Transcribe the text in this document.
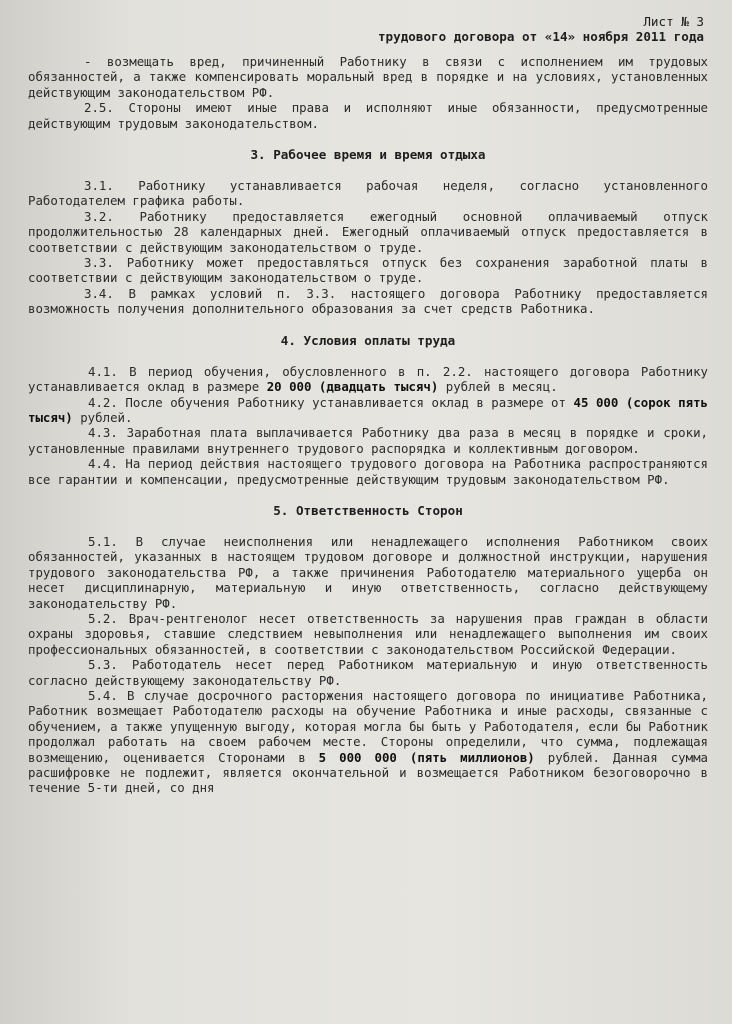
Лист № 3
трудового договора от «14» ноября 2011 года

- возмещать вред, причиненный Работнику в связи с исполнением им трудовых обязанностей, а также компенсировать моральный вред в порядке и на условиях, установленных действующим законодательством РФ.

2.5. Стороны имеют иные права и исполняют иные обязанности, предусмотренные действующим трудовым законодательством.

3. Рабочее время и время отдыха

3.1. Работнику устанавливается рабочая неделя, согласно установленного Работодателем графика работы.

3.2. Работнику предоставляется ежегодный основной оплачиваемый отпуск продолжительностью 28 календарных дней. Ежегодный оплачиваемый отпуск предоставляется в соответствии с действующим законодательством о труде.

3.3. Работнику может предоставляться отпуск без сохранения заработной платы в соответствии с действующим законодательством о труде.

3.4. В рамках условий п. 3.3. настоящего договора Работнику предоставляется возможность получения дополнительного образования за счет средств Работника.

4. Условия оплаты труда

4.1. В период обучения, обусловленного в п. 2.2. настоящего договора Работнику устанавливается оклад в размере 20 000 (двадцать тысяч) рублей в месяц.

4.2. После обучения Работнику устанавливается оклад в размере от 45 000 (сорок пять тысяч) рублей.

4.3. Заработная плата выплачивается Работнику два раза в месяц в порядке и сроки, установленные правилами внутреннего трудового распорядка и коллективным договором.

4.4. На период действия настоящего трудового договора на Работника распространяются все гарантии и компенсации, предусмотренные действующим трудовым законодательством РФ.

5. Ответственность Сторон

5.1. В случае неисполнения или ненадлежащего исполнения Работником своих обязанностей, указанных в настоящем трудовом договоре и должностной инструкции, нарушения трудового законодательства РФ, а также причинения Работодателю материального ущерба он несет дисциплинарную, материальную и иную ответственность, согласно действующему законодательству РФ.

5.2. Врач-рентгенолог несет ответственность за нарушения прав граждан в области охраны здоровья, ставшие следствием невыполнения или ненадлежащего выполнения им своих профессиональных обязанностей, в соответствии с законодательством Российской Федерации.

5.3. Работодатель несет перед Работником материальную и иную ответственность согласно действующему законодательству РФ.

5.4. В случае досрочного расторжения настоящего договора по инициативе Работника, Работник возмещает Работодателю расходы на обучение Работника и иные расходы, связанные с обучением, а также упущенную выгоду, которая могла бы быть у Работодателя, если бы Работник продолжал работать на своем рабочем месте. Стороны определили, что сумма, подлежащая возмещению, оценивается Сторонами в 5 000 000 (пять миллионов) рублей. Данная сумма расшифровке не подлежит, является окончательной и возмещается Работником безоговорочно в течение 5-ти дней, со дня
